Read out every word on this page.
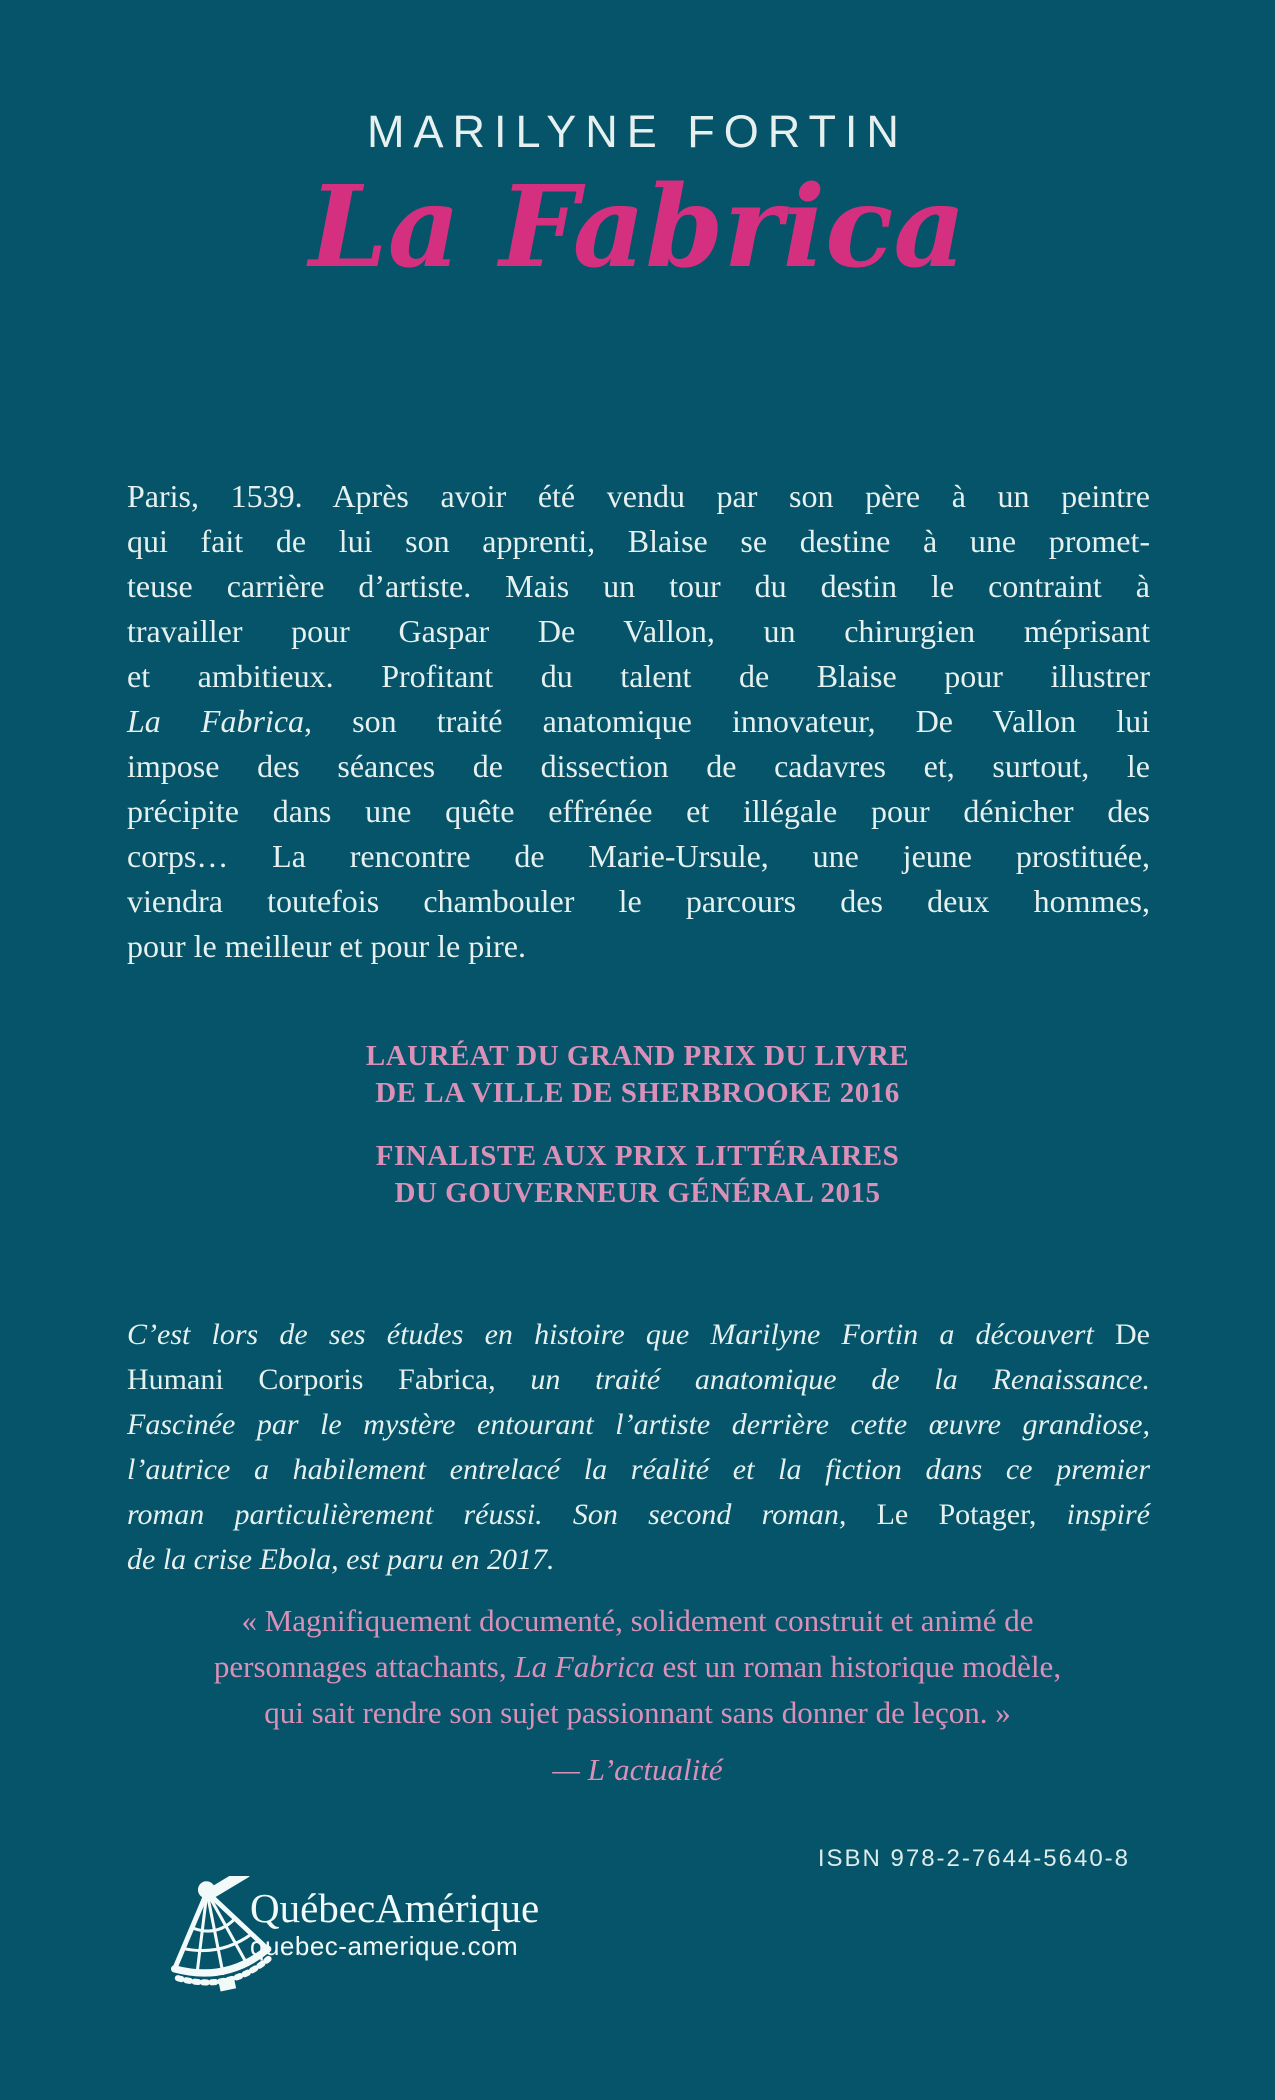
MARILYNE FORTIN
La Fabrica
Paris, 1539. Après avoir été vendu par son père à un peintre
qui fait de lui son apprenti, Blaise se destine à une promet-
teuse carrière d’artiste. Mais un tour du destin le contraint à
travailler pour Gaspar De Vallon, un chirurgien méprisant
et ambitieux. Profitant du talent de Blaise pour illustrer
La Fabrica, son traité anatomique innovateur, De Vallon lui
impose des séances de dissection de cadavres et, surtout, le
précipite dans une quête effrénée et illégale pour dénicher des
corps… La rencontre de Marie-Ursule, une jeune prostituée,
viendra toutefois chambouler le parcours des deux hommes,
pour le meilleur et pour le pire.
LAURÉAT DU GRAND PRIX DU LIVRE
DE LA VILLE DE SHERBROOKE 2016
FINALISTE AUX PRIX LITTÉRAIRES
DU GOUVERNEUR GÉNÉRAL 2015
C’est lors de ses études en histoire que Marilyne Fortin a découvert De
Humani Corporis Fabrica, un traité anatomique de la Renaissance.
Fascinée par le mystère entourant l’artiste derrière cette œuvre grandiose,
l’autrice a habilement entrelacé la réalité et la fiction dans ce premier
roman particulièrement réussi. Son second roman, Le Potager, inspiré
de la crise Ebola, est paru en 2017.
« Magnifiquement documenté, solidement construit et animé de
personnages attachants, La Fabrica est un roman historique modèle,
qui sait rendre son sujet passionnant sans donner de leçon. »
— L’actualité
ISBN 978-2-7644-5640-8
QuébecAmérique
quebec-amerique.com
